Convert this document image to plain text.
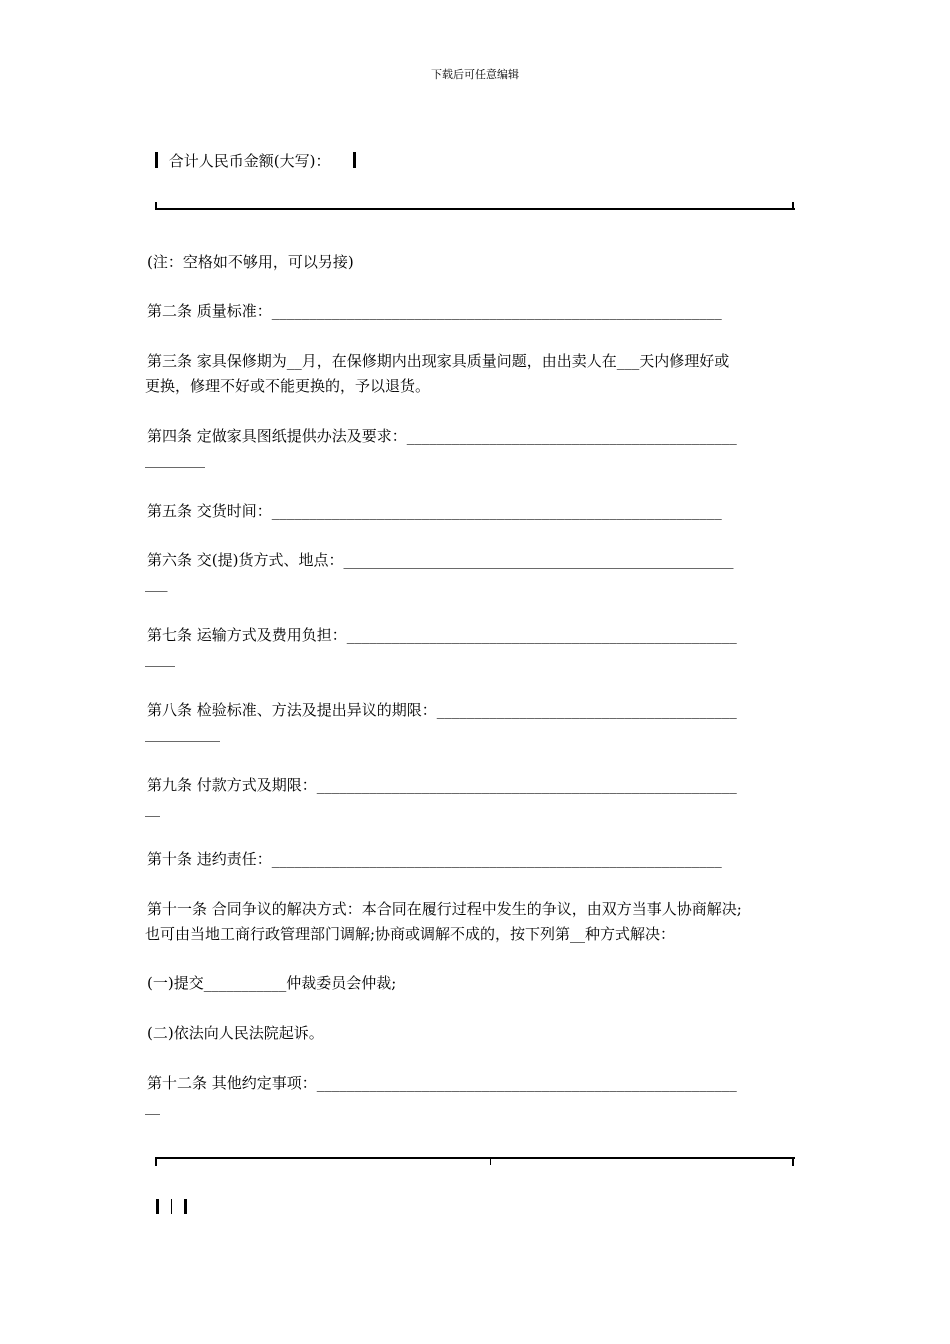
下载后可任意编辑
合计人民币金额(大写)：
(注：空格如不够用，可以另接)
第二条 质量标准：____________________________________________________________
第三条 家具保修期为__月，在保修期内出现家具质量问题，由出卖人在___天内修理好或
更换，修理不好或不能更换的，予以退货。
第四条 定做家具图纸提供办法及要求：____________________________________________
________
第五条 交货时间：____________________________________________________________
第六条 交(提)货方式、地点：____________________________________________________
___
第七条 运输方式及费用负担：____________________________________________________
____
第八条 检验标准、方法及提出异议的期限：________________________________________
__________
第九条 付款方式及期限：________________________________________________________
__
第十条 违约责任：____________________________________________________________
第十一条 合同争议的解决方式：本合同在履行过程中发生的争议，由双方当事人协商解决;
也可由当地工商行政管理部门调解;协商或调解不成的，按下列第__种方式解决：
(一)提交___________仲裁委员会仲裁;
(二)依法向人民法院起诉。
第十二条 其他约定事项：________________________________________________________
__
